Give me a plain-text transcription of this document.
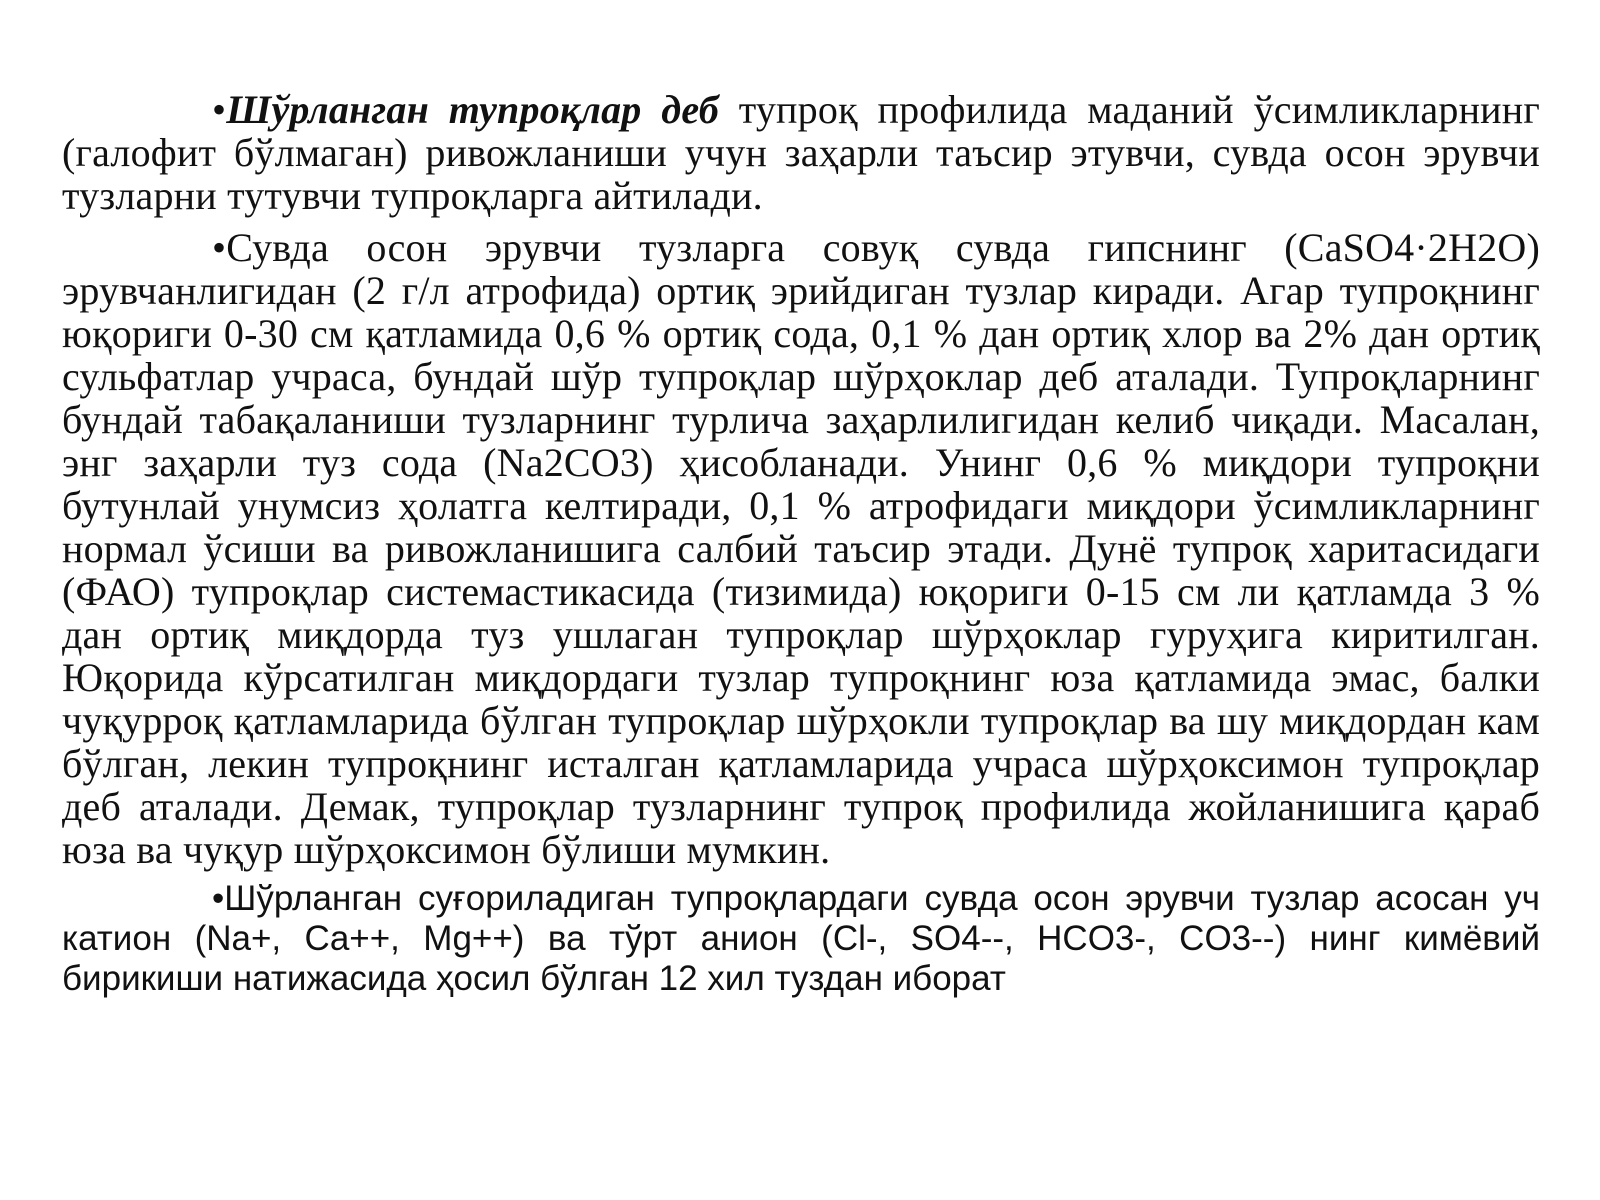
•Шўрланган тупроқлар деб тупроқ профилида маданий ўсимликларнинг (галофит бўлмаган) ривожланиши учун заҳарли таъсир этувчи, сувда осон эрувчи тузларни тутувчи тупроқларга айтилади.

•Сувда осон эрувчи тузларга совуқ сувда гипснинг (CaSO4·2H2O) эрувчанлигидан (2 г/л атрофида) ортиқ эрийдиган тузлар киради. Агар тупроқнинг юқориги 0-30 см қатламида 0,6 % ортиқ сода, 0,1 % дан ортиқ хлор ва 2% дан ортиқ сульфатлар учраса, бундай шўр тупроқлар шўрҳоклар деб аталади. Тупроқларнинг бундай табақаланиши тузларнинг турлича заҳарлилигидан келиб чиқади. Масалан, энг заҳарли туз сода (Na2CO3) ҳисобланади. Унинг 0,6 % миқдори тупроқни бутунлай унумсиз ҳолатга келтиради, 0,1 % атрофидаги миқдори ўсимликларнинг нормал ўсиши ва ривожланишига салбий таъсир этади. Дунё тупроқ харитасидаги (ФАО) тупроқлар системастикасида (тизимида) юқориги 0-15 см ли қатламда 3 % дан ортиқ миқдорда туз ушлаган тупроқлар шўрҳоклар гуруҳига киритилган. Юқорида кўрсатилган миқдордаги тузлар тупроқнинг юза қатламида эмас, балки чуқурроқ қатламларида бўлган тупроқлар шўрҳокли тупроқлар ва шу миқдордан кам бўлган, лекин тупроқнинг исталган қатламларида учраса шўрҳоксимон тупроқлар деб аталади. Демак, тупроқлар тузларнинг тупроқ профилида жойланишига қараб юза ва чуқур шўрҳоксимон бўлиши мумкин.

•Шўрланган суғориладиган тупроқлардаги сувда осон эрувчи тузлар асосан уч катион (Na+, Ca++, Mg++) ва тўрт анион (Cl-, SO4--, HCO3-, CO3--) нинг кимёвий бирикиши натижасида ҳосил бўлган 12 хил туздан иборат
